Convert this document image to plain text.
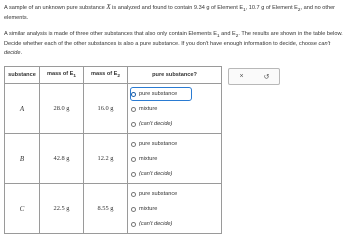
A sample of an unknown pure substance X is analyzed and found to contain 9.34 g of Element $E_1$, 10.7 g of Element $E_2$, and no other elements.

A similar analysis is made of three other substances that also only contain Elements $E_1$ and $E_2$. The results are shown in the table below. Decide whether each of the other substances is also a pure substance. If you don't have enough information to decide, choose can't decide.

substance	mass of $E_1$	mass of $E_2$	pure substance?
A	28.0 g	16.0 g	pure substance
mixture
(can't decide)

B	42.8 g	12.2 g	pure substance
mixture
(can't decide)

C	22.5 g	8.55 g	pure substance
mixture
(can't decide)
×	↺
